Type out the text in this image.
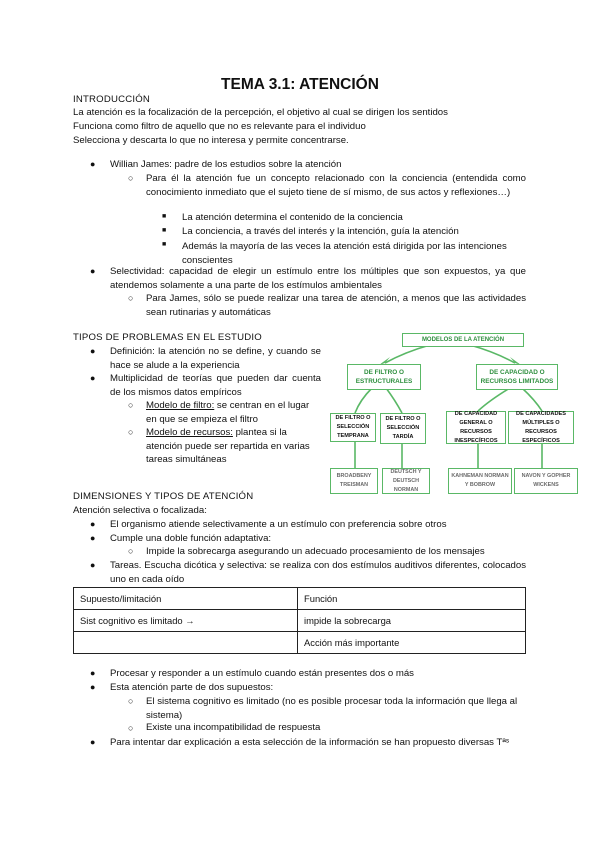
TEMA 3.1: ATENCIÓN
INTRODUCCIÓN
La atención es la focalización de la percepción, el objetivo al cual se dirigen los sentidos
Funciona como filtro de aquello que no es relevante para el individuo
Selecciona y descarta lo que no interesa y permite concentrarse.
● Willian James: padre de los estudios sobre la atención
○ Para él la atención fue un concepto relacionado con la conciencia (entendida como conocimiento inmediato que el sujeto tiene de sí mismo, de sus actos y reflexiones…)
■ La atención determina el contenido de la conciencia
■ La conciencia, a través del interés y la intención, guía la atención
■ Además la mayoría de las veces la atención está dirigida por las intenciones conscientes
● Selectividad: capacidad de elegir un estímulo entre los múltiples que son expuestos, ya que atendemos solamente a una parte de los estímulos ambientales
○ Para James, sólo se puede realizar una tarea de atención, a menos que las actividades sean rutinarias y automáticas
TIPOS DE PROBLEMAS EN EL ESTUDIO
● Definición: la atención no se define, y cuando se hace se alude a la experiencia
● Multiplicidad de teorías que pueden dar cuenta de los mismos datos empíricos
○ Modelo de filtro: se centran en el lugar en que se empieza el filtro
○ Modelo de recursos: plantea si la atención puede ser repartida en varias tareas simultáneas
MODELOS DE LA ATENCIÓN
DE FILTRO O ESTRUCTURALES
DE CAPACIDAD O RECURSOS LIMITADOS
DE FILTRO O SELECCIÓN TEMPRANA
DE FILTRO O SELECCIÓN TARDÍA
DE CAPACIDAD GENERAL O RECURSOS INESPECÍFICOS
DE CAPACIDADES MÚLTIPLES O RECURSOS ESPECÍFICOS
BROADBENY TREISMAN
DEUTSCH Y DEUTSCH NORMAN
KAHNEMAN NORMAN Y BOBROW
NAVON Y GOPHER WICKENS
DIMENSIONES Y TIPOS DE ATENCIÓN
Atención selectiva o focalizada:
● El organismo atiende selectivamente a un estímulo con preferencia sobre otros
● Cumple una doble función adaptativa:
○ Impide la sobrecarga asegurando un adecuado procesamiento de los mensajes
● Tareas. Escucha dicótica y selectiva: se realiza con dos estímulos auditivos diferentes, colocados uno en cada oído
Supuesto/limitación	Función
Sist cognitivo es limitado →	impide la sobrecarga
	Acción más importante
● Procesar y responder a un estímulo cuando están presentes dos o más
● Esta atención parte de dos supuestos:
○ El sistema cognitivo es limitado (no es posible procesar toda la información que llega al sistema)
○ Existe una incompatibilidad de respuesta
● Para intentar dar explicación a esta selección de la información se han propuesto diversas Tªˢ
